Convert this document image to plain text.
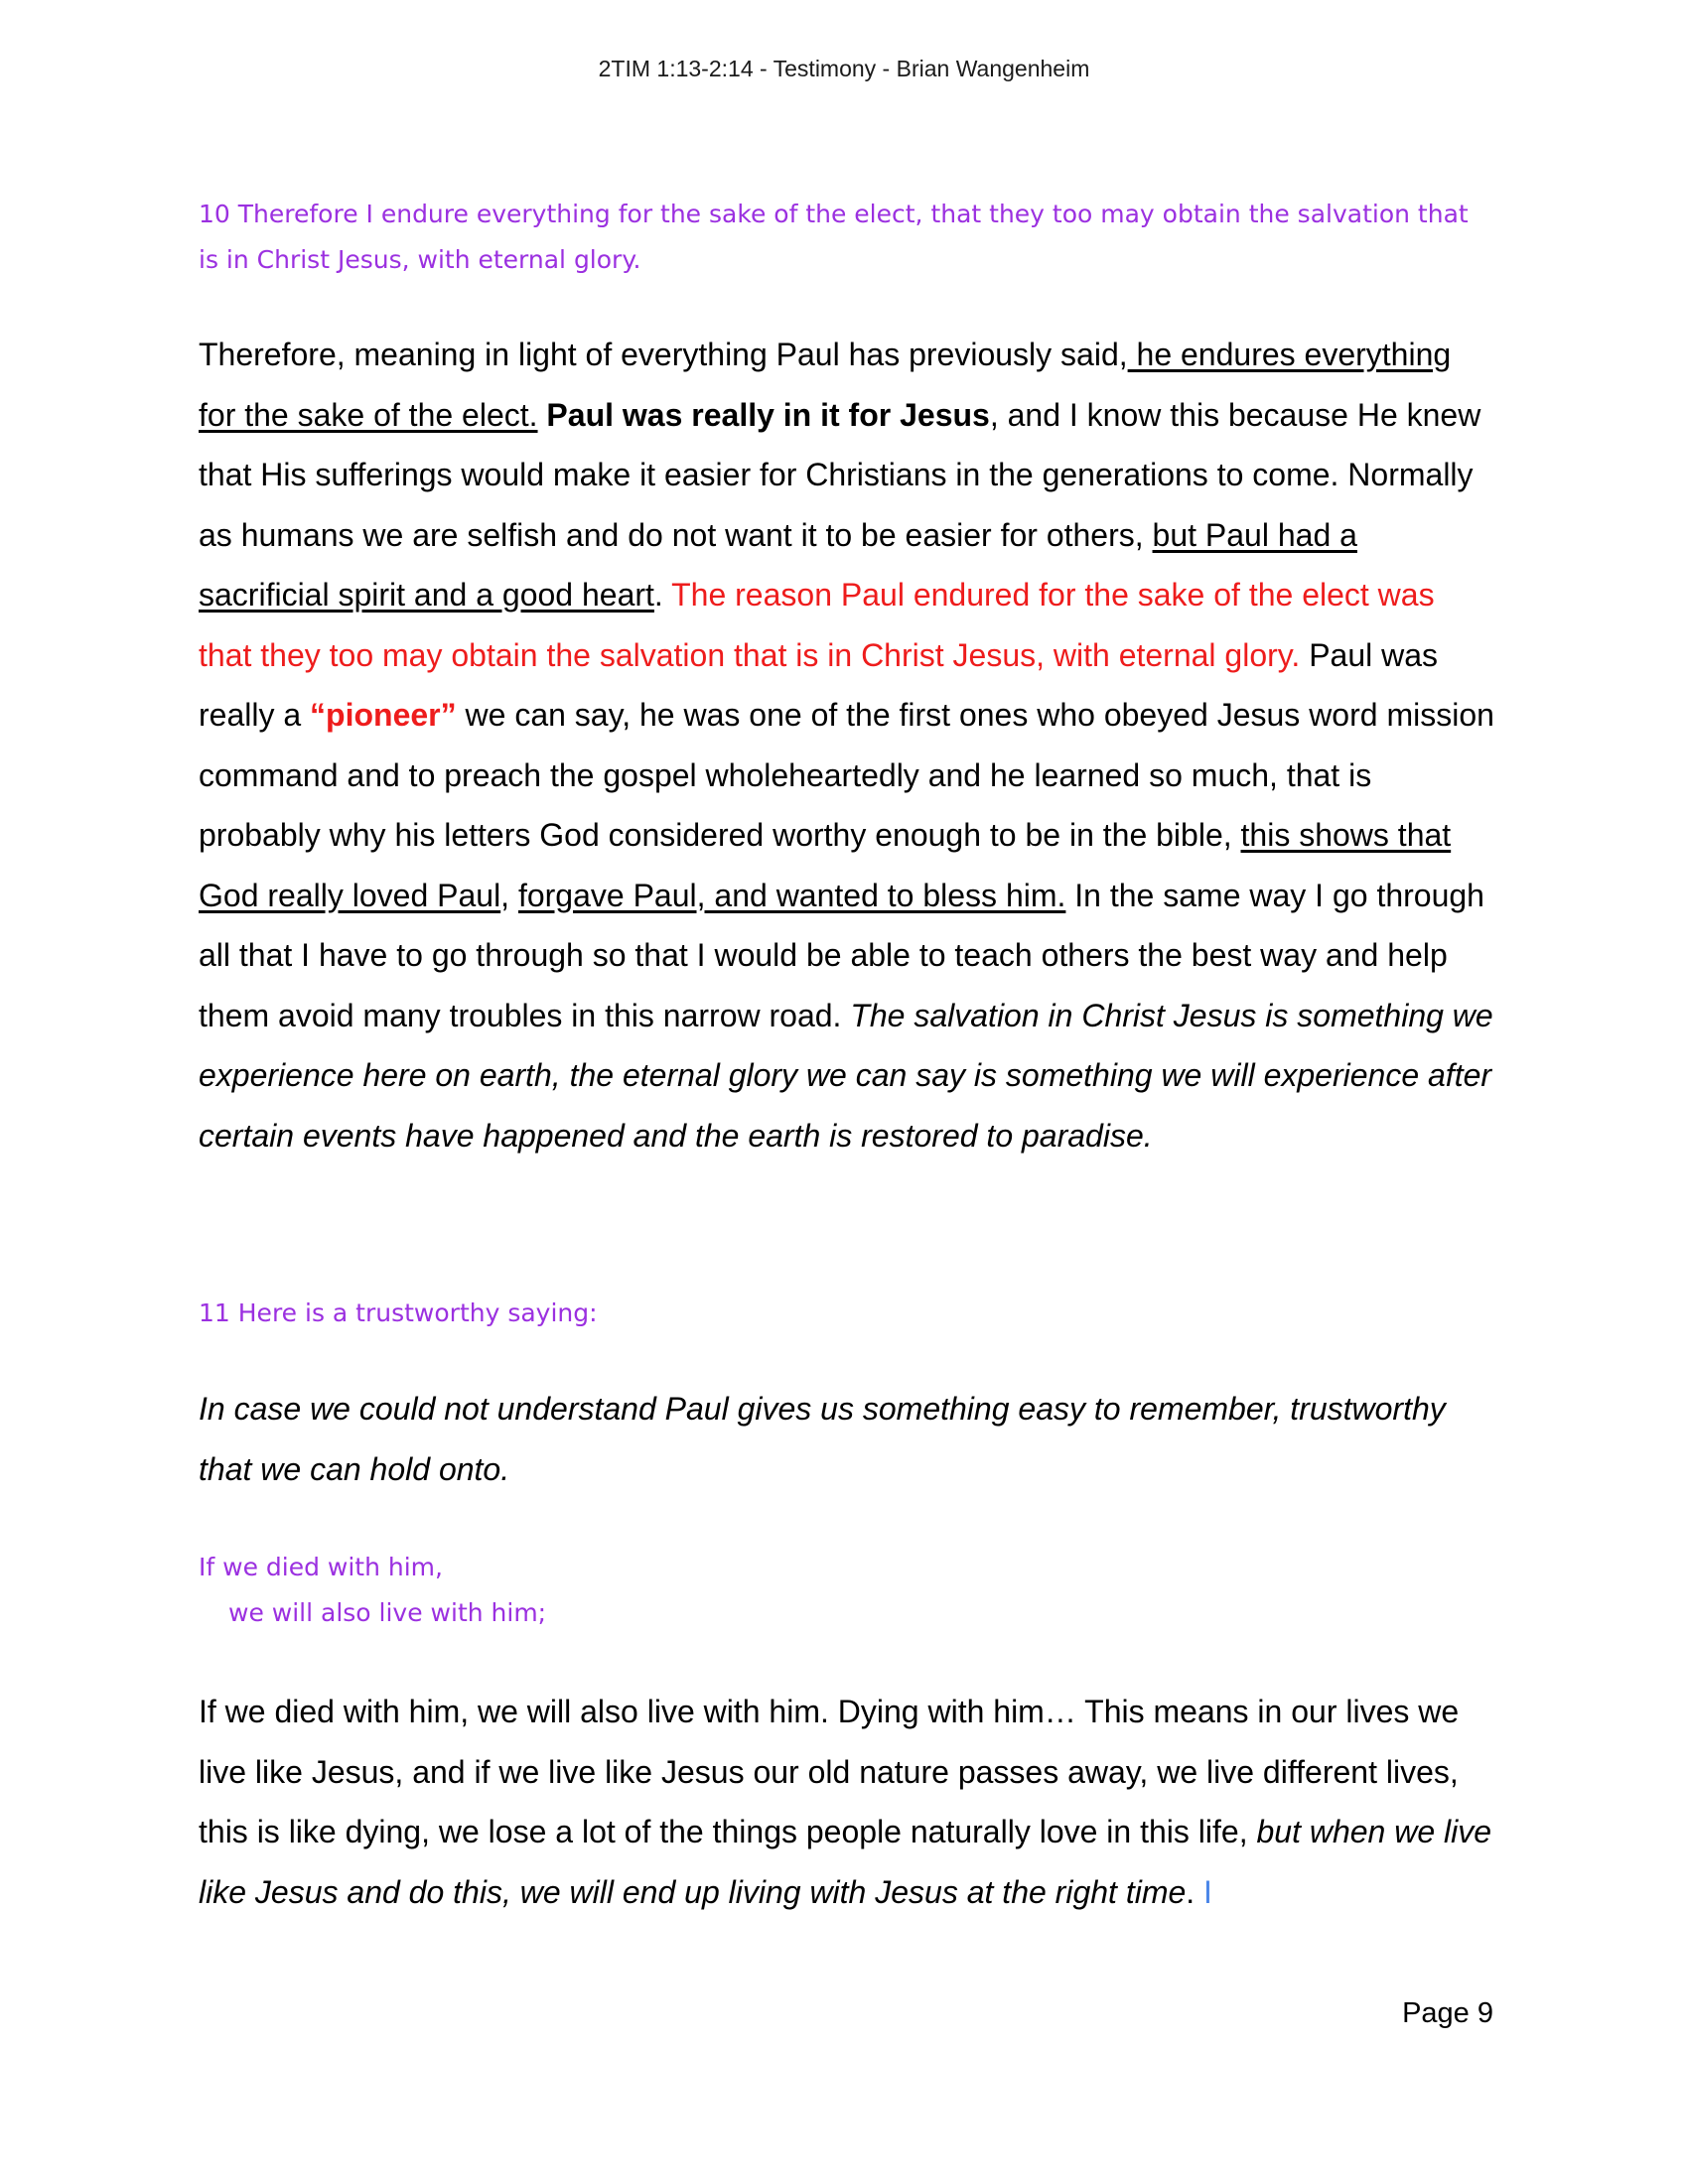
2TIM 1:13-2:14 - Testimony - Brian Wangenheim

10 Therefore I endure everything for the sake of the elect, that they too may obtain the salvation that is in Christ Jesus, with eternal glory.

Therefore, meaning in light of everything Paul has previously said, he endures everything for the sake of the elect. Paul was really in it for Jesus, and I know this because He knew that His sufferings would make it easier for Christians in the generations to come. Normally as humans we are selfish and do not want it to be easier for others, but Paul had a sacrificial spirit and a good heart. The reason Paul endured for the sake of the elect was that they too may obtain the salvation that is in Christ Jesus, with eternal glory. Paul was really a “pioneer” we can say, he was one of the first ones who obeyed Jesus word mission command and to preach the gospel wholeheartedly and he learned so much, that is probably why his letters God considered worthy enough to be in the bible, this shows that God really loved Paul, forgave Paul, and wanted to bless him. In the same way I go through all that I have to go through so that I would be able to teach others the best way and help them avoid many troubles in this narrow road. The salvation in Christ Jesus is something we experience here on earth, the eternal glory we can say is something we will experience after certain events have happened and the earth is restored to paradise.

11 Here is a trustworthy saying:

In case we could not understand Paul gives us something easy to remember, trustworthy that we can hold onto.

If we died with him,

we will also live with him;

If we died with him, we will also live with him. Dying with him… This means in our lives we live like Jesus, and if we live like Jesus our old nature passes away, we live different lives, this is like dying, we lose a lot of the things people naturally love in this life, but when we live like Jesus and do this, we will end up living with Jesus at the right time. I

Page 9
